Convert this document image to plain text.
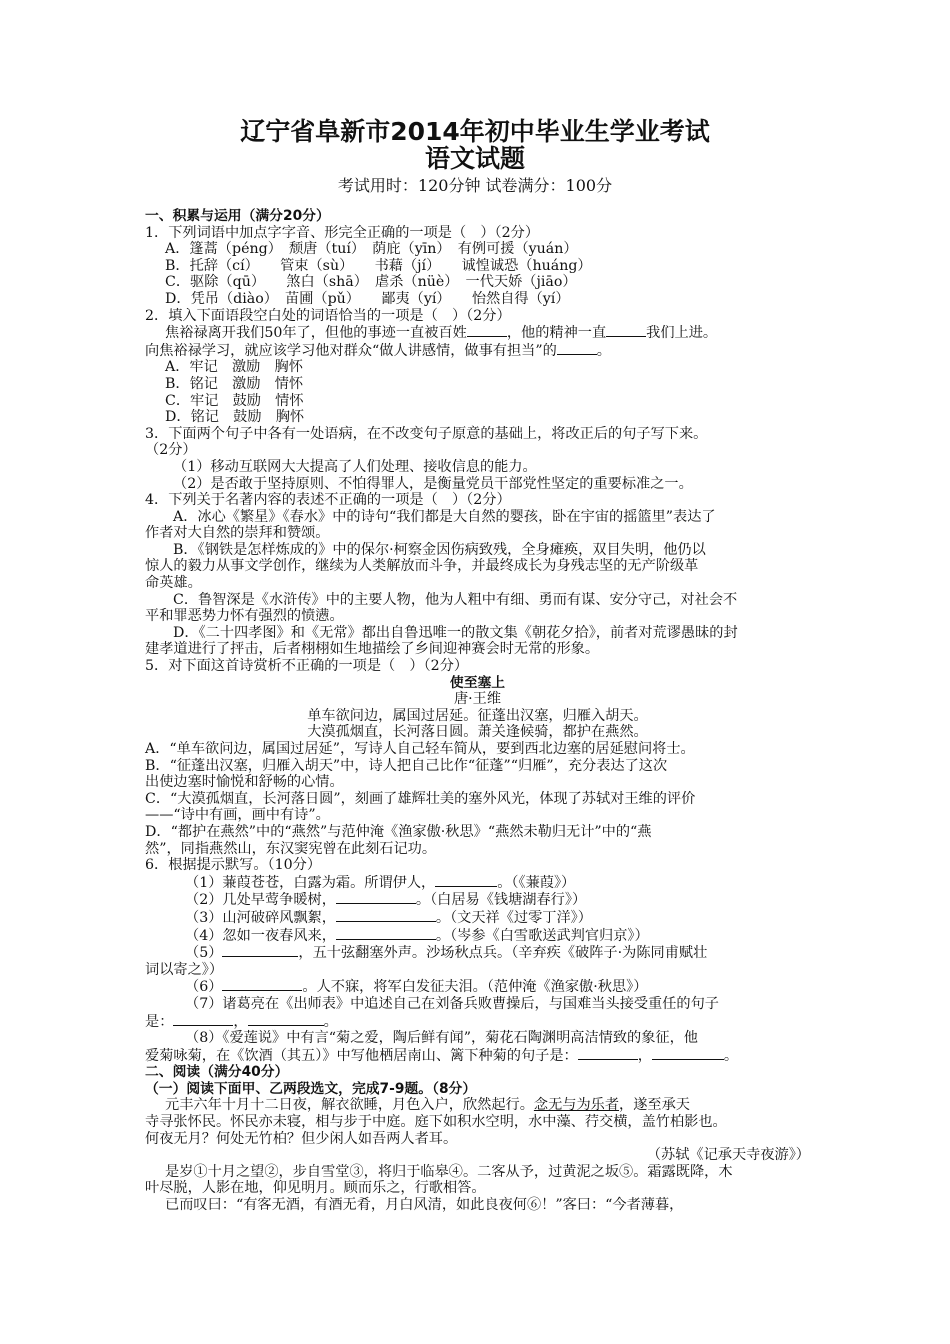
辽宁省阜新市2014年初中毕业生学业考试
语文试题
考试用时：120分钟 试卷满分：100分
一、积累与运用（满分20分）
1．下列词语中加点字字音、形完全正确的一项是（　）（2分）
A．篷蒿（péng）　颓唐（tuí）　荫庇（yīn）　有例可援（yuán）
B．托辞（cí）　　管束（sù）　　书藉（jí）　　诚惶诚恐（huáng）
C．驱除（qū）　　煞白（shā）　虐杀（nüè）　一代天娇（jiāo）
D．凭吊（diào）　苗圃（pǔ）　　鄙夷（yí）　　怡然自得（yí）
2．填入下面语段空白处的词语恰当的一项是（　）（2分）
焦裕禄离开我们50年了，但他的事迹一直被百姓	，他的精神一直	我们上进。
向焦裕禄学习，就应该学习他对群众“做人讲感情，做事有担当”的	。
A．牢记　激励　胸怀
B．铭记　激励　情怀
C．牢记　鼓励　情怀
D．铭记　鼓励　胸怀
3．下面两个句子中各有一处语病，在不改变句子原意的基础上，将改正后的句子写下来。
（2分）
（1）移动互联网大大提高了人们处理、接收信息的能力。
（2）是否敢于坚持原则、不怕得罪人，是衡量党员干部党性坚定的重要标准之一。
4．下列关于名著内容的表述不正确的一项是（　）（2分）
A．冰心《繁星》《春水》中的诗句“我们都是大自然的婴孩，卧在宇宙的摇篮里”表达了
作者对大自然的崇拜和赞颂。
B．《钢铁是怎样炼成的》中的保尔·柯察金因伤病致残，全身瘫痪，双目失明，他仍以
惊人的毅力从事文学创作，继续为人类解放而斗争，并最终成长为身残志坚的无产阶级革
命英雄。
C．鲁智深是《水浒传》中的主要人物，他为人粗中有细、勇而有谋、安分守己，对社会不
平和罪恶势力怀有强烈的愤懑。
D．《二十四孝图》和《无常》都出自鲁迅唯一的散文集《朝花夕拾》，前者对荒谬愚昧的封
建孝道进行了抨击，后者栩栩如生地描绘了乡间迎神赛会时无常的形象。
5．对下面这首诗赏析不正确的一项是（　）（2分）
使至塞上
唐·王维
单车欲问边，属国过居延。征蓬出汉塞，归雁入胡天。
大漠孤烟直，长河落日圆。萧关逢候骑，都护在燕然。
A．“单车欲问边，属国过居延”，写诗人自己轻车简从，要到西北边塞的居延慰问将士。
B．“征蓬出汉塞，归雁入胡天”中，诗人把自己比作“征蓬”“归雁”，充分表达了这次
出使边塞时愉悦和舒畅的心情。
C．“大漠孤烟直，长河落日圆”，刻画了雄辉壮美的塞外风光，体现了苏轼对王维的评价
——“诗中有画，画中有诗”。
D．“都护在燕然”中的“燕然”与范仲淹《渔家傲·秋思》“燕然未勒归无计”中的“燕
然”，同指燕然山，东汉窦宪曾在此刻石记功。
6．根据提示默写。（10分）
（1）蒹葭苍苍，白露为霜。所谓伊人，	。（《蒹葭》）
（2）几处早莺争暖树，	。（白居易《钱塘湖春行》）
（3）山河破碎风飘絮，	。（文天祥《过零丁洋》）
（4）忽如一夜春风来，	。（岑参《白雪歌送武判官归京》）
（5）	，五十弦翻塞外声。沙场秋点兵。（辛弃疾《破阵子·为陈同甫赋壮
词以寄之》）
（6）	。人不寐，将军白发征夫泪。（范仲淹《渔家傲·秋思》）
（7）诸葛亮在《出师表》中追述自己在刘备兵败曹操后，与国难当头接受重任的句子
是：	，	。
（8）《爱莲说》中有言“菊之爱，陶后鲜有闻”，菊花石陶渊明高洁情致的象征，他
爱菊咏菊，在《饮酒（其五）》中写他栖居南山、篱下种菊的句子是：	，	。
二、阅读（满分40分）
（一）阅读下面甲、乙两段选文，完成7-9题。（8分）
元丰六年十月十二日夜，解衣欲睡，月色入户，欣然起行。念无与为乐者，遂至承天
寺寻张怀民。怀民亦未寝，相与步于中庭。庭下如积水空明，水中藻、荇交横，盖竹柏影也。
何夜无月？何处无竹柏？但少闲人如吾两人者耳。
（苏轼《记承天寺夜游》）
是岁①十月之望②，步自雪堂③，将归于临皋④。二客从予，过黄泥之坂⑤。霜露既降，木
叶尽脱，人影在地，仰见明月。顾而乐之，行歌相答。
已而叹曰：“有客无酒，有酒无肴，月白风清，如此良夜何⑥！”客曰：“今者薄暮，
